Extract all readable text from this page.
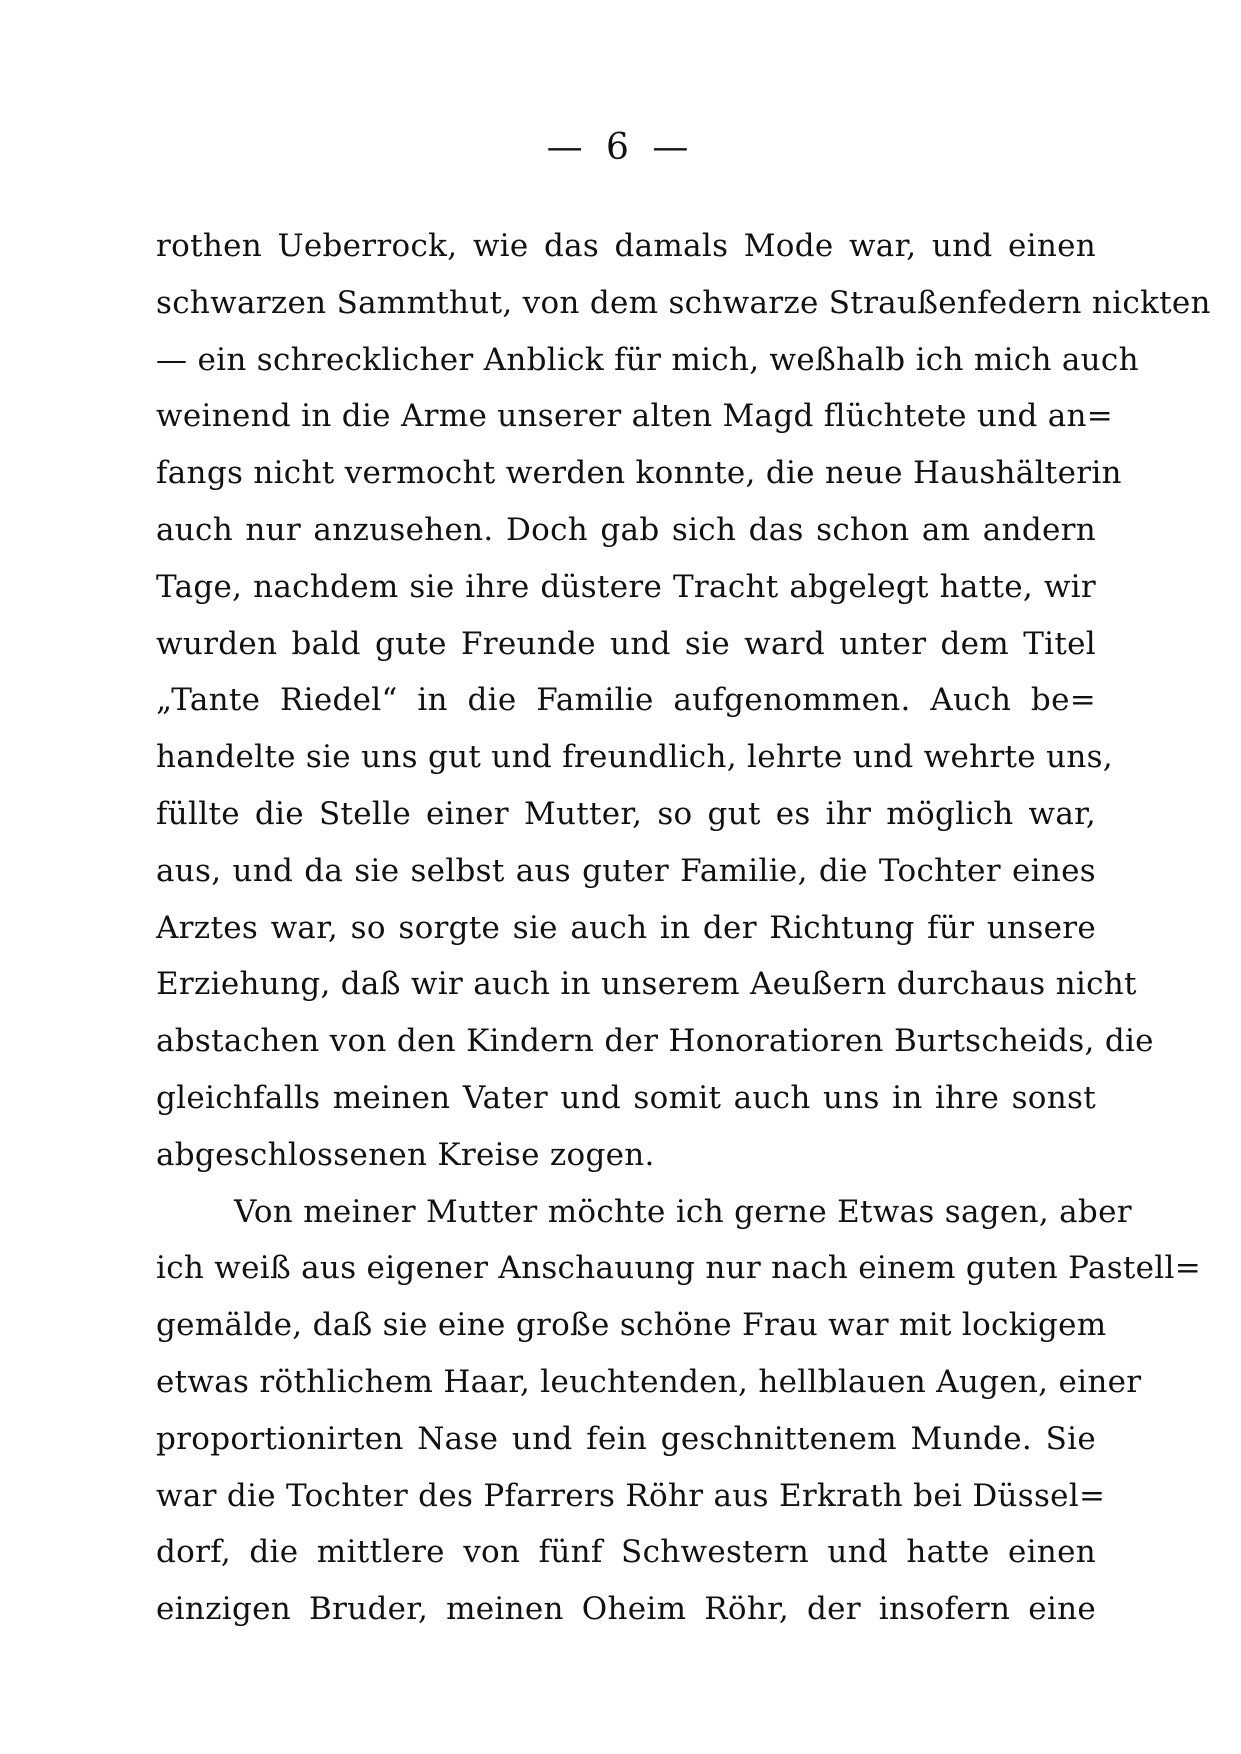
— 6 —
rothen Ueberrock, wie das damals Mode war, und einen
schwarzen Sammthut, von dem schwarze Straußenfedern nickten
— ein schrecklicher Anblick für mich, weßhalb ich mich auch
weinend in die Arme unserer alten Magd flüchtete und an=
fangs nicht vermocht werden konnte, die neue Haushälterin
auch nur anzusehen. Doch gab sich das schon am andern
Tage, nachdem sie ihre düstere Tracht abgelegt hatte, wir
wurden bald gute Freunde und sie ward unter dem Titel
„Tante Riedel“ in die Familie aufgenommen. Auch be=
handelte sie uns gut und freundlich, lehrte und wehrte uns,
füllte die Stelle einer Mutter, so gut es ihr möglich war,
aus, und da sie selbst aus guter Familie, die Tochter eines
Arztes war, so sorgte sie auch in der Richtung für unsere
Erziehung, daß wir auch in unserem Aeußern durchaus nicht
abstachen von den Kindern der Honoratioren Burtscheids, die
gleichfalls meinen Vater und somit auch uns in ihre sonst
abgeschlossenen Kreise zogen.
Von meiner Mutter möchte ich gerne Etwas sagen, aber
ich weiß aus eigener Anschauung nur nach einem guten Pastell=
gemälde, daß sie eine große schöne Frau war mit lockigem
etwas röthlichem Haar, leuchtenden, hellblauen Augen, einer
proportionirten Nase und fein geschnittenem Munde. Sie
war die Tochter des Pfarrers Röhr aus Erkrath bei Düssel=
dorf, die mittlere von fünf Schwestern und hatte einen
einzigen Bruder, meinen Oheim Röhr, der insofern eine
